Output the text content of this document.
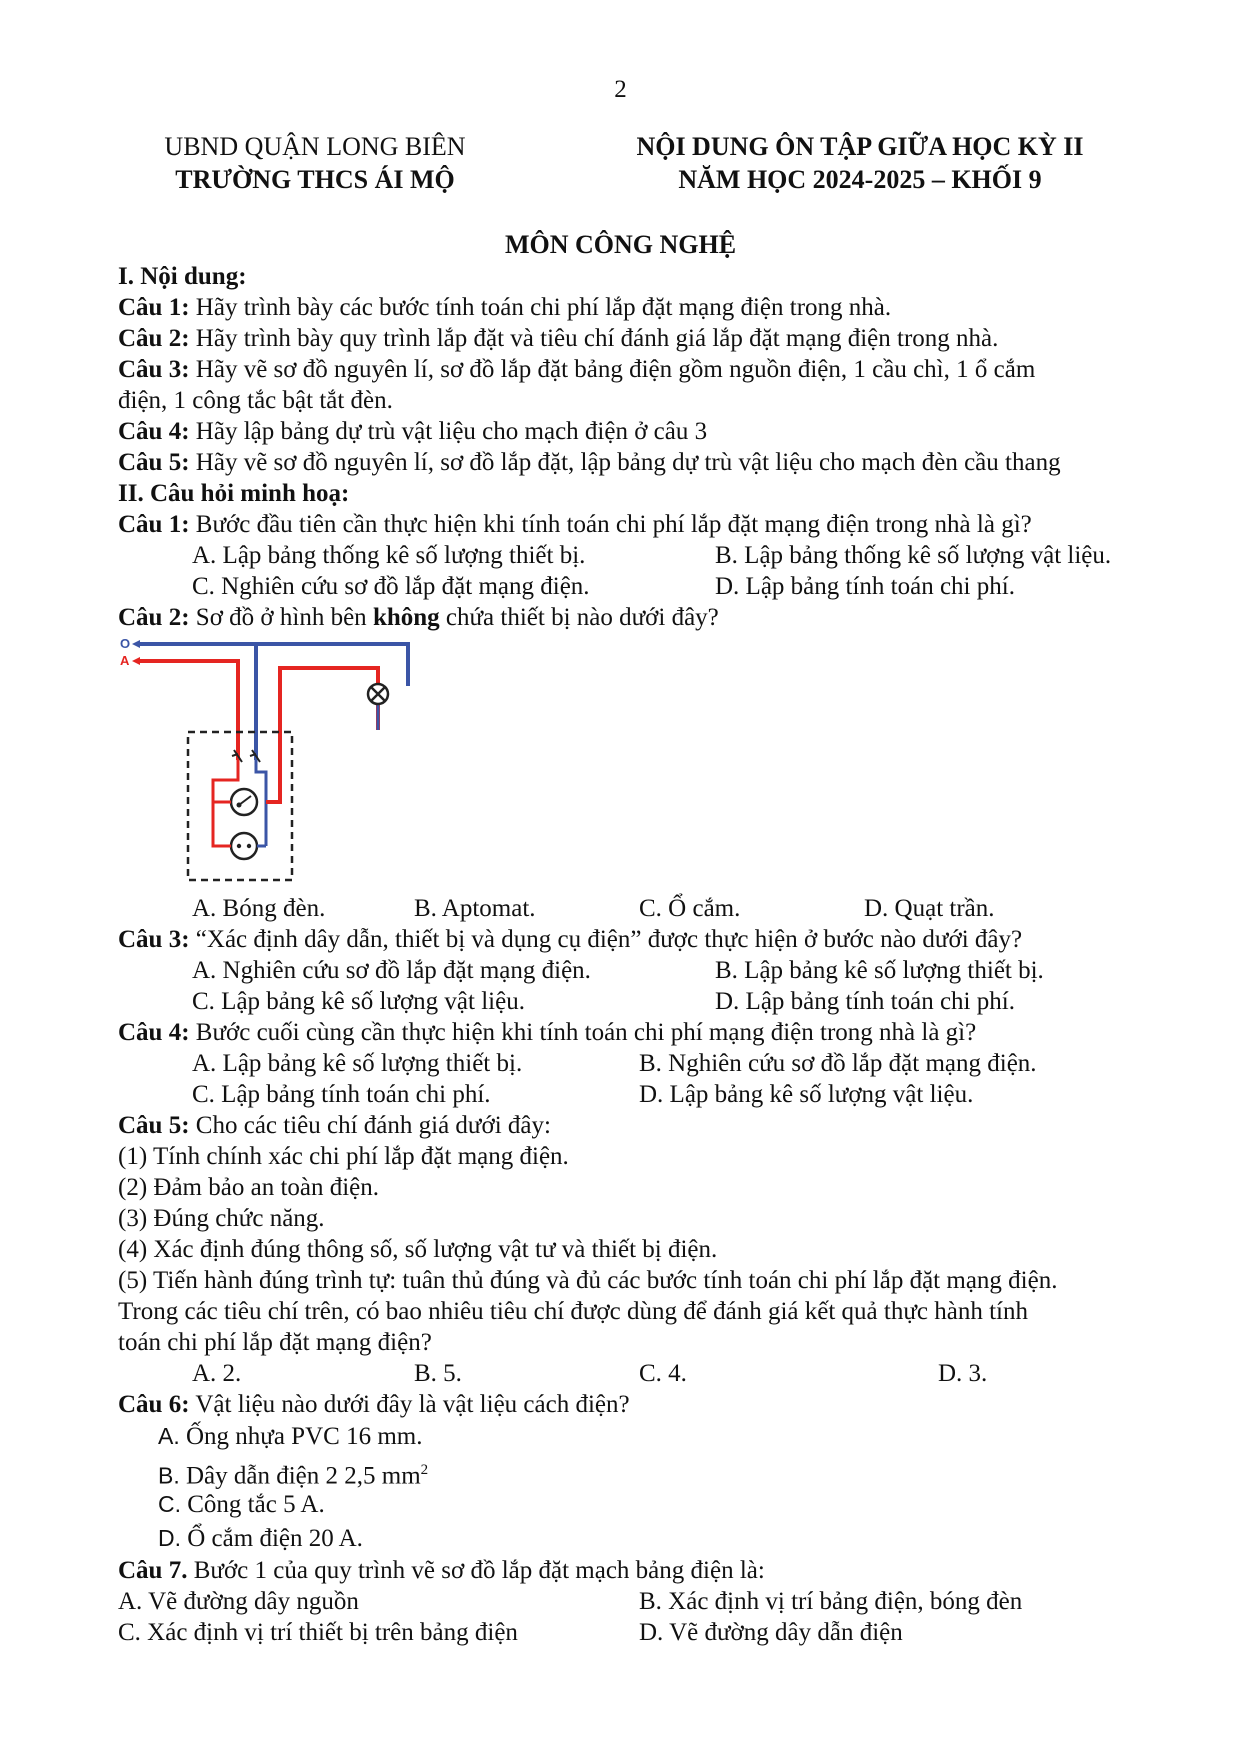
2
UBND QUẬN LONG BIÊN
TRƯỜNG THCS ÁI MỘ
NỘI DUNG ÔN TẬP GIỮA HỌC KỲ II
NĂM HỌC 2024-2025 – KHỐI 9
MÔN CÔNG NGHỆ
I. Nội dung:
Câu 1: Hãy trình bày các bước tính toán chi phí lắp đặt mạng điện trong nhà.
Câu 2: Hãy trình bày quy trình lắp đặt và tiêu chí đánh giá lắp đặt mạng điện trong nhà.
Câu 3: Hãy vẽ sơ đồ nguyên lí, sơ đồ lắp đặt bảng điện gồm nguồn điện, 1 cầu chì, 1 ổ cắm
điện, 1 công tắc bật tắt đèn.
Câu 4: Hãy lập bảng dự trù vật liệu cho mạch điện ở câu 3
Câu 5: Hãy vẽ sơ đồ nguyên lí, sơ đồ lắp đặt, lập bảng dự trù vật liệu cho mạch đèn cầu thang
II. Câu hỏi minh hoạ:
Câu 1: Bước đầu tiên cần thực hiện khi tính toán chi phí lắp đặt mạng điện trong nhà là gì?
A. Lập bảng thống kê số lượng thiết bị.	B. Lập bảng thống kê số lượng vật liệu.
C. Nghiên cứu sơ đồ lắp đặt mạng điện.	D. Lập bảng tính toán chi phí.
Câu 2: Sơ đồ ở hình bên không chứa thiết bị nào dưới đây?
O
A
A. Bóng đèn.	B. Aptomat.	C. Ổ cắm.	D. Quạt trần.
Câu 3: “Xác định dây dẫn, thiết bị và dụng cụ điện” được thực hiện ở bước nào dưới đây?
A. Nghiên cứu sơ đồ lắp đặt mạng điện.	B. Lập bảng kê số lượng thiết bị.
C. Lập bảng kê số lượng vật liệu.	D. Lập bảng tính toán chi phí.
Câu 4: Bước cuối cùng cần thực hiện khi tính toán chi phí mạng điện trong nhà là gì?
A. Lập bảng kê số lượng thiết bị.	B. Nghiên cứu sơ đồ lắp đặt mạng điện.
C. Lập bảng tính toán chi phí.	D. Lập bảng kê số lượng vật liệu.
Câu 5: Cho các tiêu chí đánh giá dưới đây:
(1) Tính chính xác chi phí lắp đặt mạng điện.
(2) Đảm bảo an toàn điện.
(3) Đúng chức năng.
(4) Xác định đúng thông số, số lượng vật tư và thiết bị điện.
(5) Tiến hành đúng trình tự: tuân thủ đúng và đủ các bước tính toán chi phí lắp đặt mạng điện.
Trong các tiêu chí trên, có bao nhiêu tiêu chí được dùng để đánh giá kết quả thực hành tính
toán chi phí lắp đặt mạng điện?
A. 2.	B. 5.	C. 4.	D. 3.
Câu 6: Vật liệu nào dưới đây là vật liệu cách điện?
A. Ống nhựa PVC 16 mm.
B. Dây dẫn điện 2 2,5 $mm^2$
C. Công tắc 5 A.
D. Ổ cắm điện 20 A.
Câu 7. Bước 1 của quy trình vẽ sơ đồ lắp đặt mạch bảng điện là:
A. Vẽ đường dây nguồn	B. Xác định vị trí bảng điện, bóng đèn
C. Xác định vị trí thiết bị trên bảng điện	D. Vẽ đường dây dẫn điện
